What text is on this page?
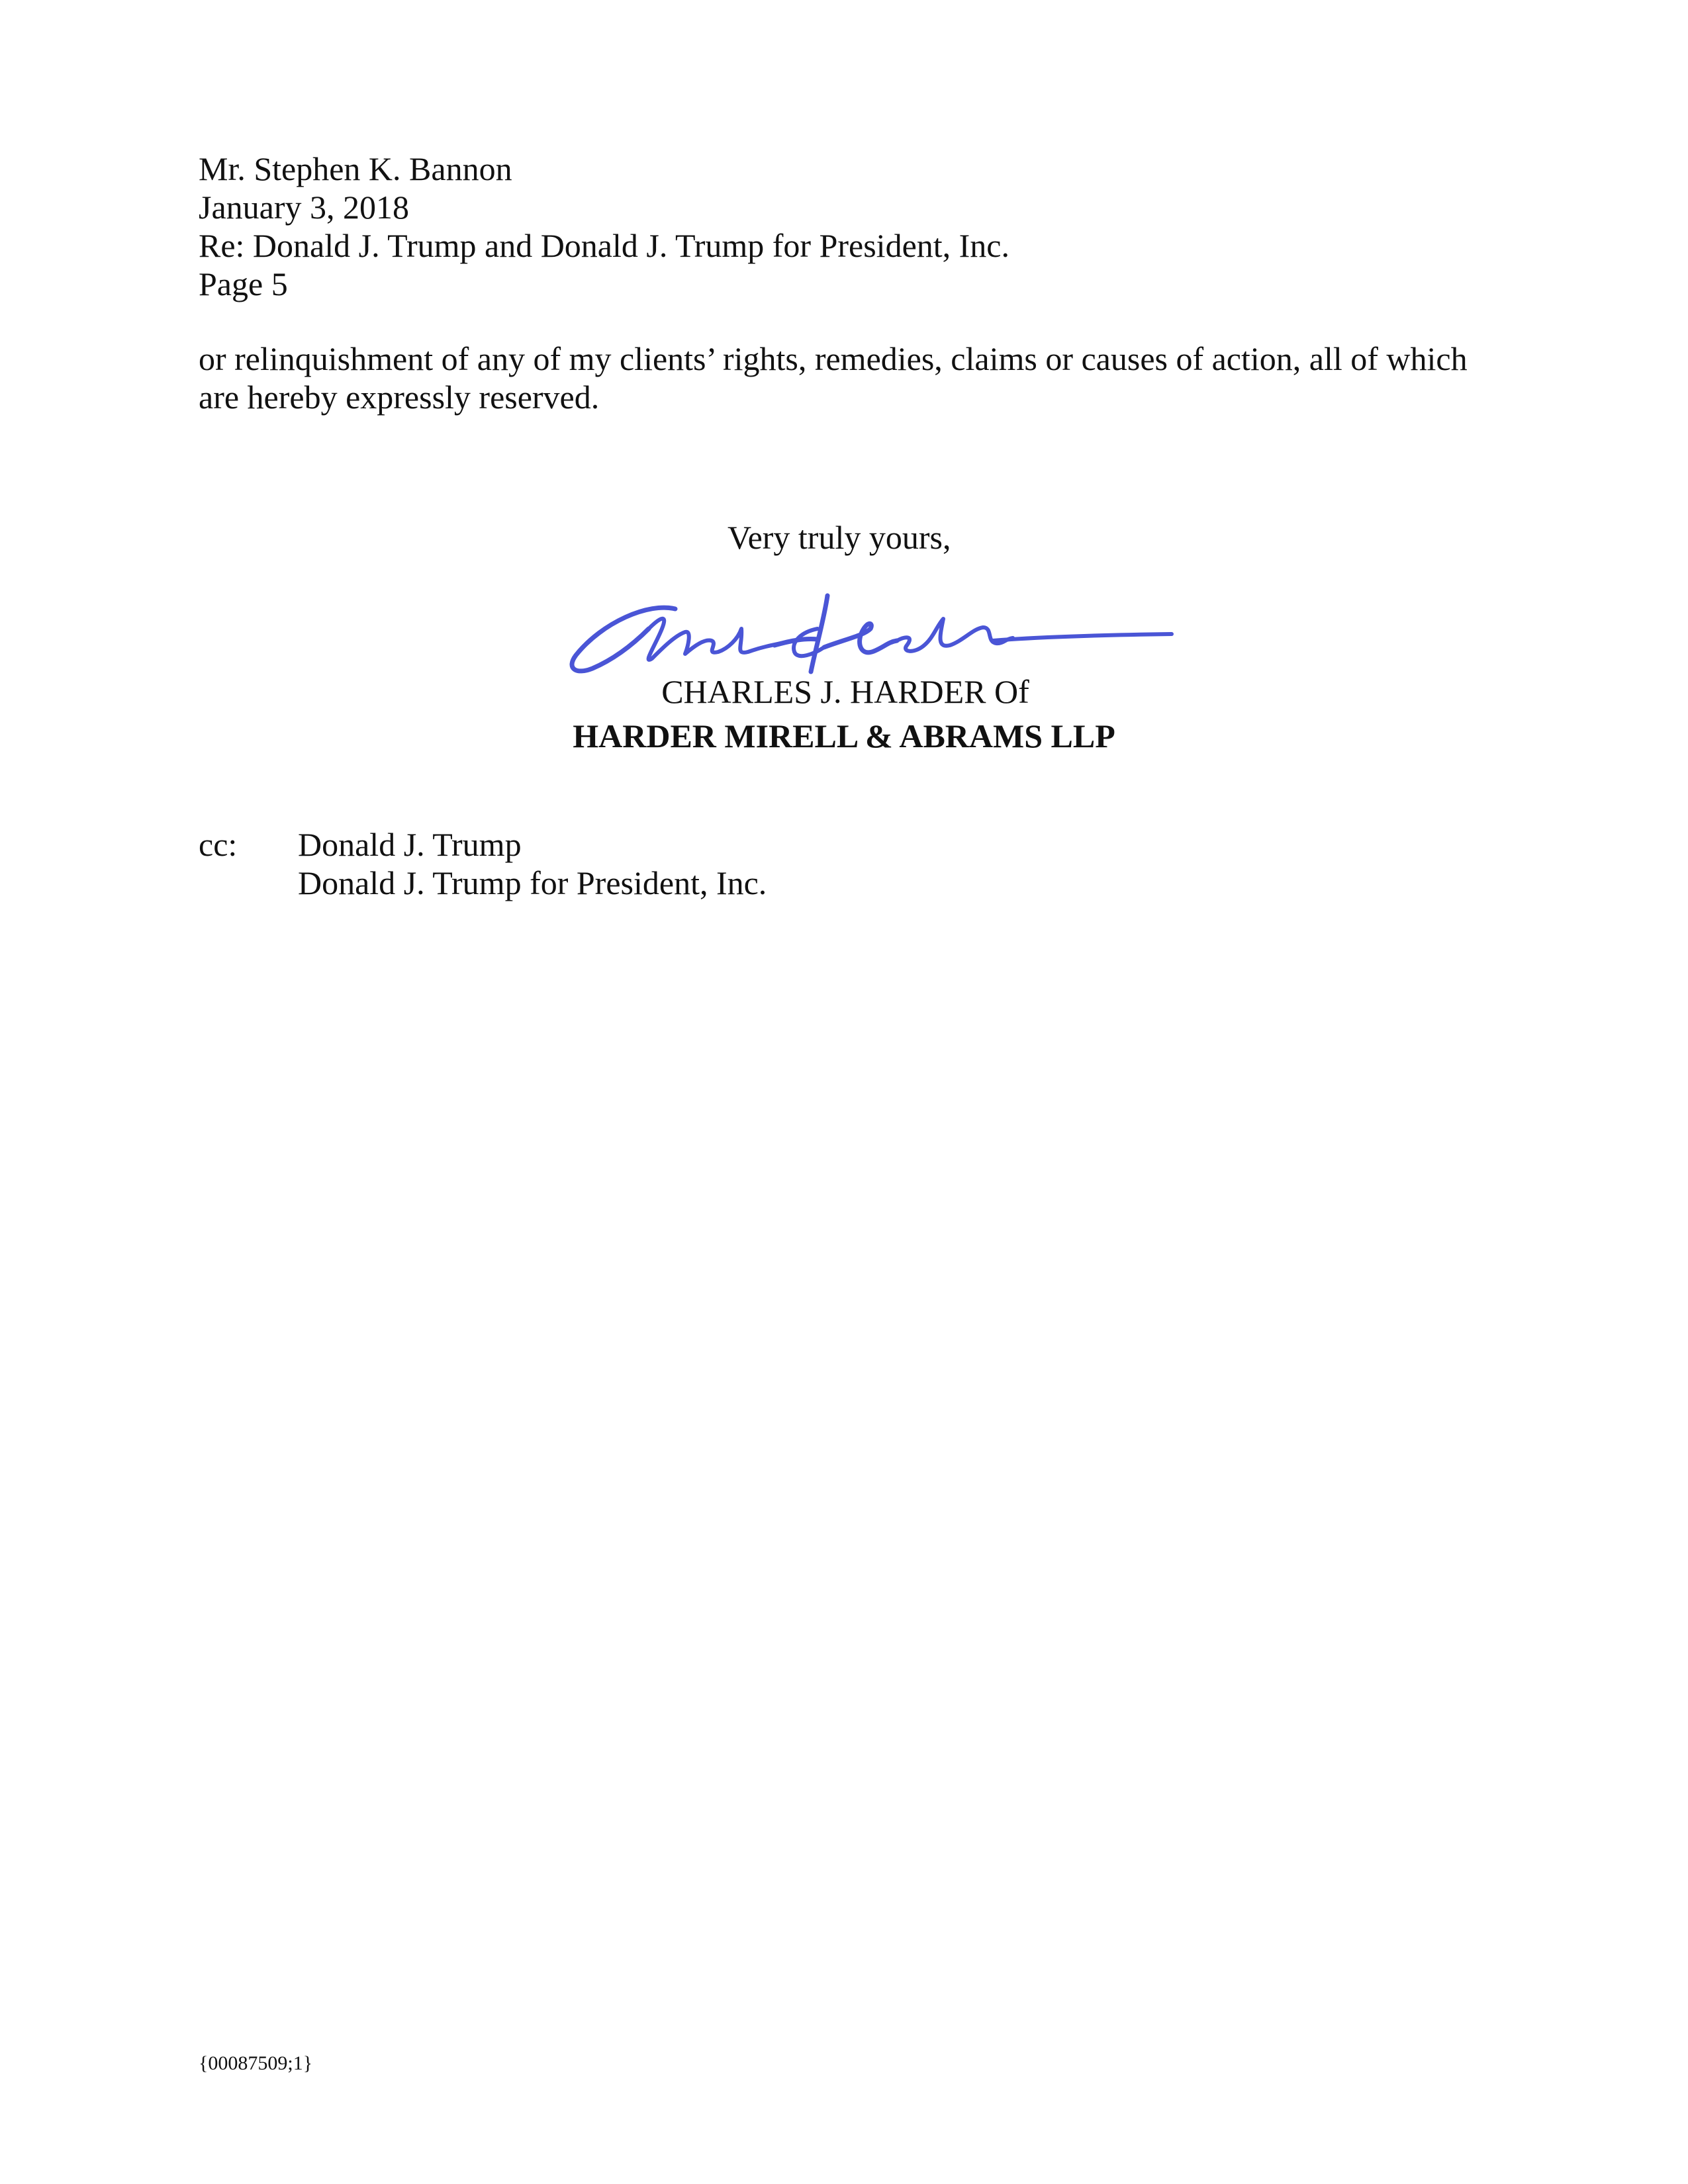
Mr. Stephen K. Bannon
January 3, 2018
Re: Donald J. Trump and Donald J. Trump for President, Inc.
Page 5
or relinquishment of any of my clients’ rights, remedies, claims or causes of action, all of which
are hereby expressly reserved.
Very truly yours,
CHARLES J. HARDER Of
HARDER MIRELL & ABRAMS LLP
cc: Donald J. Trump
Donald J. Trump for President, Inc.
{00087509;1}
